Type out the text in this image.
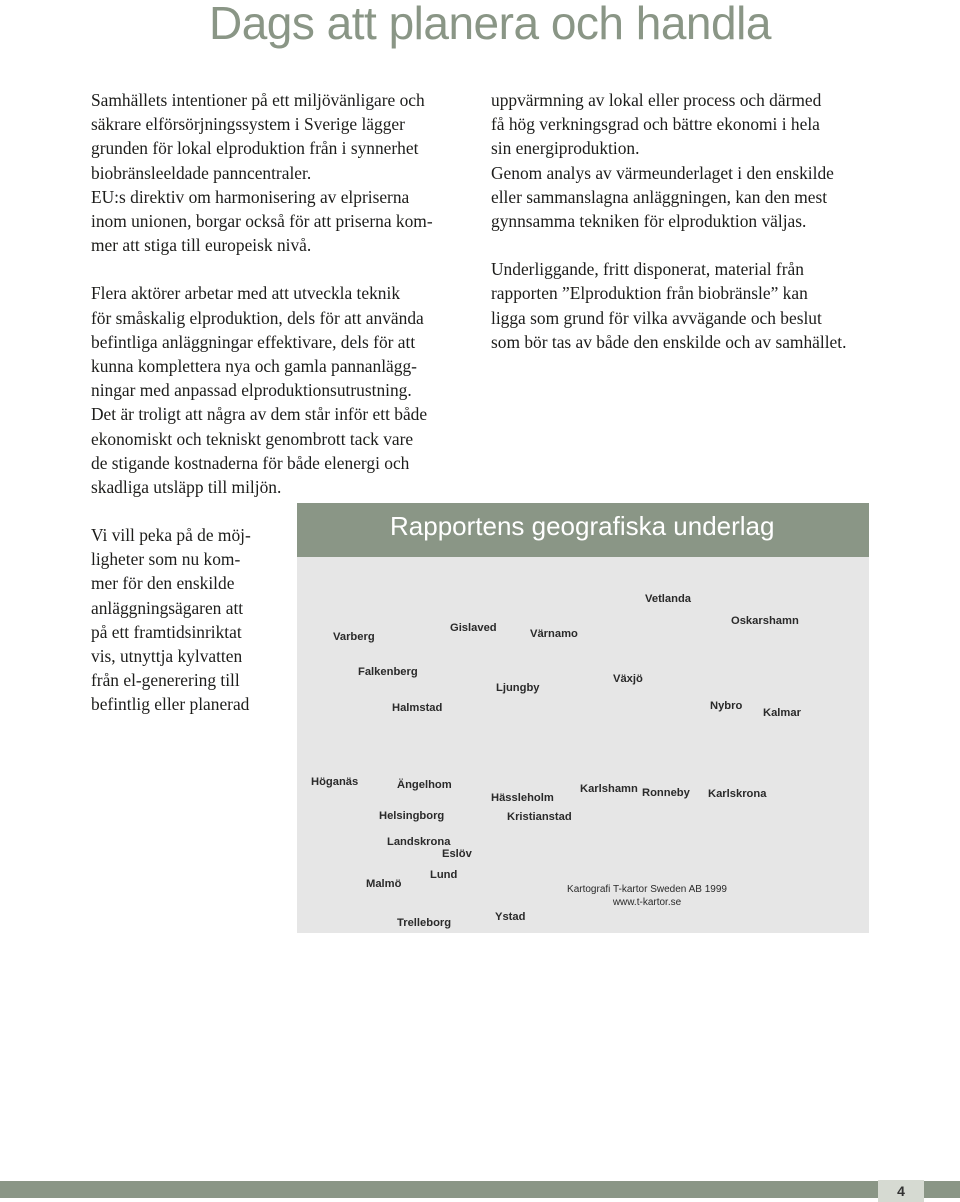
Dags att planera och handla

Samhällets intentioner på ett miljövänligare och
säkrare elförsörjningssystem i Sverige lägger
grunden för lokal elproduktion från i synnerhet
biobränsleeldade panncentraler.
EU:s direktiv om harmonisering av elpriserna
inom unionen, borgar också för att priserna kom-
mer att stiga till europeisk nivå.

Flera aktörer arbetar med att utveckla teknik
för småskalig elproduktion, dels för att använda
befintliga anläggningar effektivare, dels för att
kunna komplettera nya och gamla pannanlägg-
ningar med anpassad elproduktionsutrustning.
Det är troligt att några av dem står inför ett både
ekonomiskt och tekniskt genombrott tack vare
de stigande kostnaderna för både elenergi och
skadliga utsläpp till miljön.

Vi vill peka på de möj-
ligheter som nu kom-
mer för den enskilde
anläggningsägaren att
på ett framtidsinriktat
vis, utnyttja kylvatten
från el-generering till
befintlig eller planerad

uppvärmning av lokal eller process och därmed
få hög verkningsgrad och bättre ekonomi i hela
sin energiproduktion.
Genom analys av värmeunderlaget i den enskilde
eller sammanslagna anläggningen, kan den mest
gynnsamma tekniken för elproduktion väljas.

Underliggande, fritt disponerat, material från
rapporten ”Elproduktion från biobränsle” kan
ligga som grund för vilka avvägande och beslut
som bör tas av både den enskilde och av samhället.

Rapportens geografiska underlag
Vetlanda
Oskarshamn
Varberg
Gislaved	Värnamo
Falkenberg
Växjö
Ljungby
Halmstad	Nybro
Kalmar
Höganäs	Ängelhom	Karlshamn Ronneby Karlskrona
Hässleholm
Helsingborg	Kristianstad
Landskrona
Eslöv
Lund
Malmö
Trelleborg	Ystad
Kartografi T-kartor Sweden AB 1999
www.t-kartor.se
4
